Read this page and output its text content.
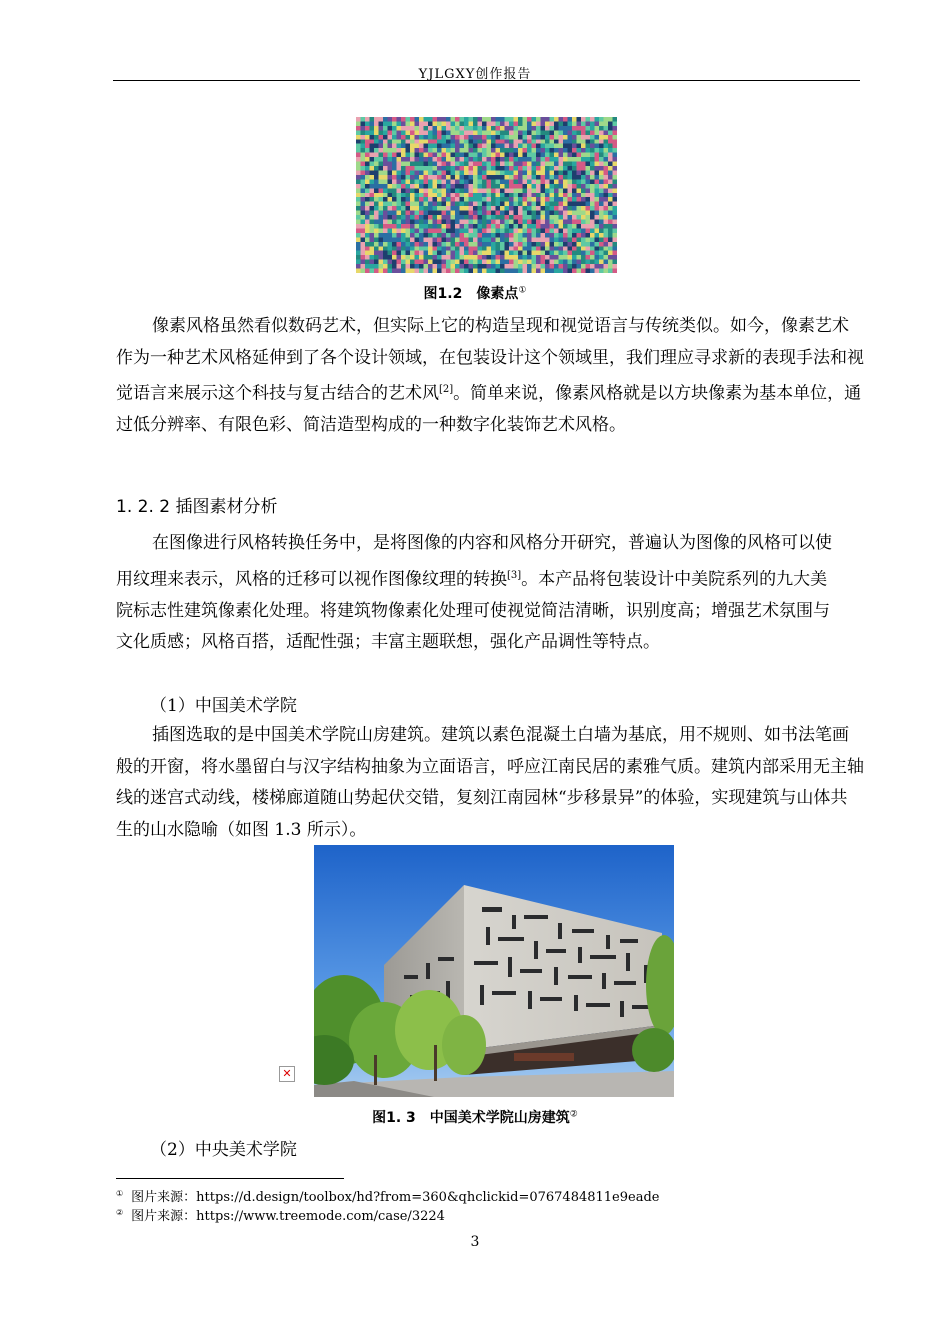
YJLGXY创作报告
图1.2　像素点①

像素风格虽然看似数码艺术，但实际上它的构造呈现和视觉语言与传统类似。如今，像素艺术作为一种艺术风格延伸到了各个设计领域，在包装设计这个领域里，我们理应寻求新的表现手法和视觉语言来展示这个科技与复古结合的艺术风[2]。简单来说，像素风格就是以方块像素为基本单位，通过低分辨率、有限色彩、简洁造型构成的一种数字化装饰艺术风格。

1. 2. 2 插图素材分析

在图像进行风格转换任务中，是将图像的内容和风格分开研究，普遍认为图像的风格可以使用纹理来表示，风格的迁移可以视作图像纹理的转换[3]。本产品将包装设计中美院系列的九大美院标志性建筑像素化处理。将建筑物像素化处理可使视觉简洁清晰，识别度高；增强艺术氛围与文化质感；风格百搭，适配性强；丰富主题联想，强化产品调性等特点。

（1）中国美术学院

插图选取的是中国美术学院山房建筑。建筑以素色混凝土白墙为基底，用不规则、如书法笔画般的开窗，将水墨留白与汉字结构抽象为立面语言，呼应江南民居的素雅气质。建筑内部采用无主轴线的迷宫式动线，楼梯廊道随山势起伏交错，复刻江南园林“步移景异”的体验，实现建筑与山体共生的山水隐喻（如图 1.3 所示）。

✕
图1. 3　中国美术学院山房建筑②
（2）中央美术学院
① 图片来源：https://d.design/toolbox/hd?from=360&qhclickid=0767484811e9eade
② 图片来源：https://www.treemode.com/case/3224
3
